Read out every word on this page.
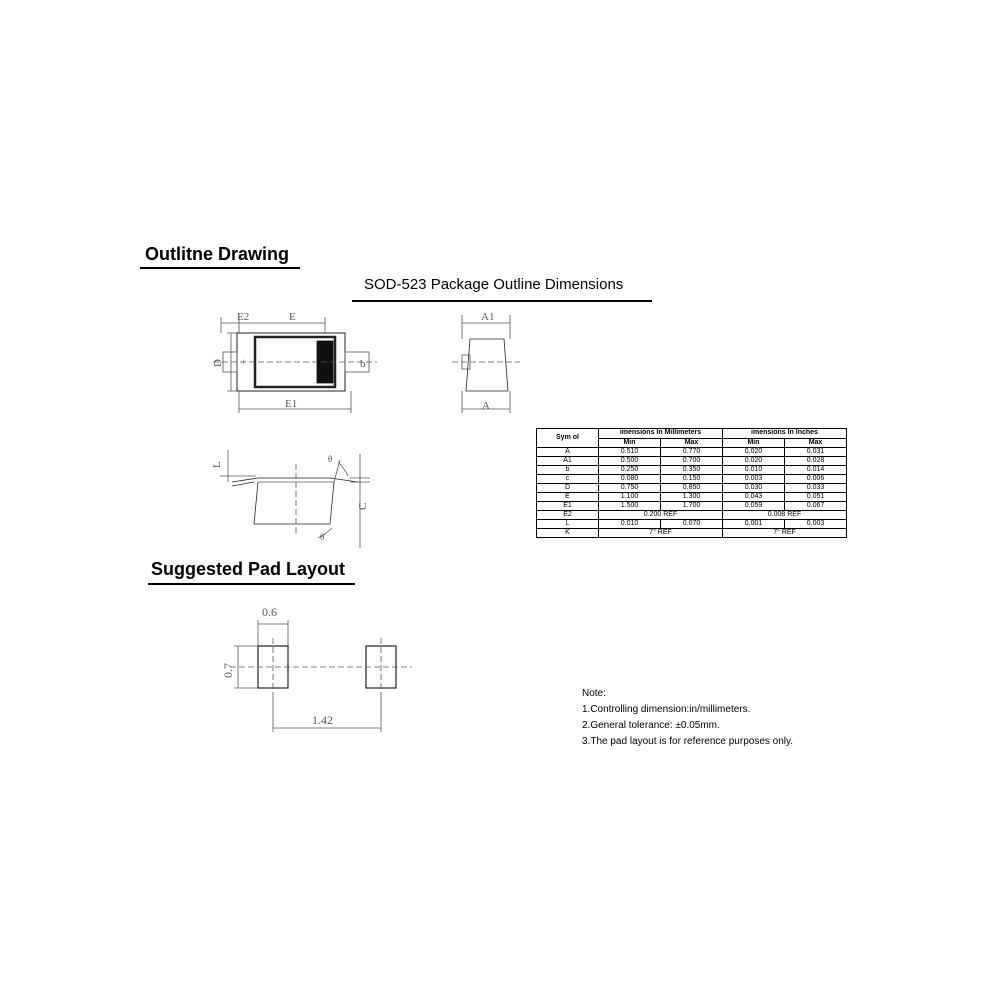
Outlitne Drawing
SOD-523 Package Outline Dimensions
Suggested Pad Layout
E2	E
D +	b
E1
A1
A
L
θ
C
θ
0.6
0.7
1.42
Sym ol	imensions In Millimeters		imensions In Inches	
	Min	Max	Min	Max
A	0.510	0.770	0.020	0.031
A1	0.500	0.700	0.020	0.028
b	0.250	0.350	0.010	0.014
c	0.080	0.150	0.003	0.006
D	0.750	0.850	0.030	0.033
E	1.100	1.300	0.043	0.051
E1	1.500	1.700	0.059	0.067
E2	0.200 REF		0.008 REF	
L	0.010	0.070	0.001	0.003
K	7° REF		7° REF	
Note:
1.Controlling dimension:in/millimeters.
2.General tolerance: ±0.05mm.
3.The pad layout is for reference purposes only.
